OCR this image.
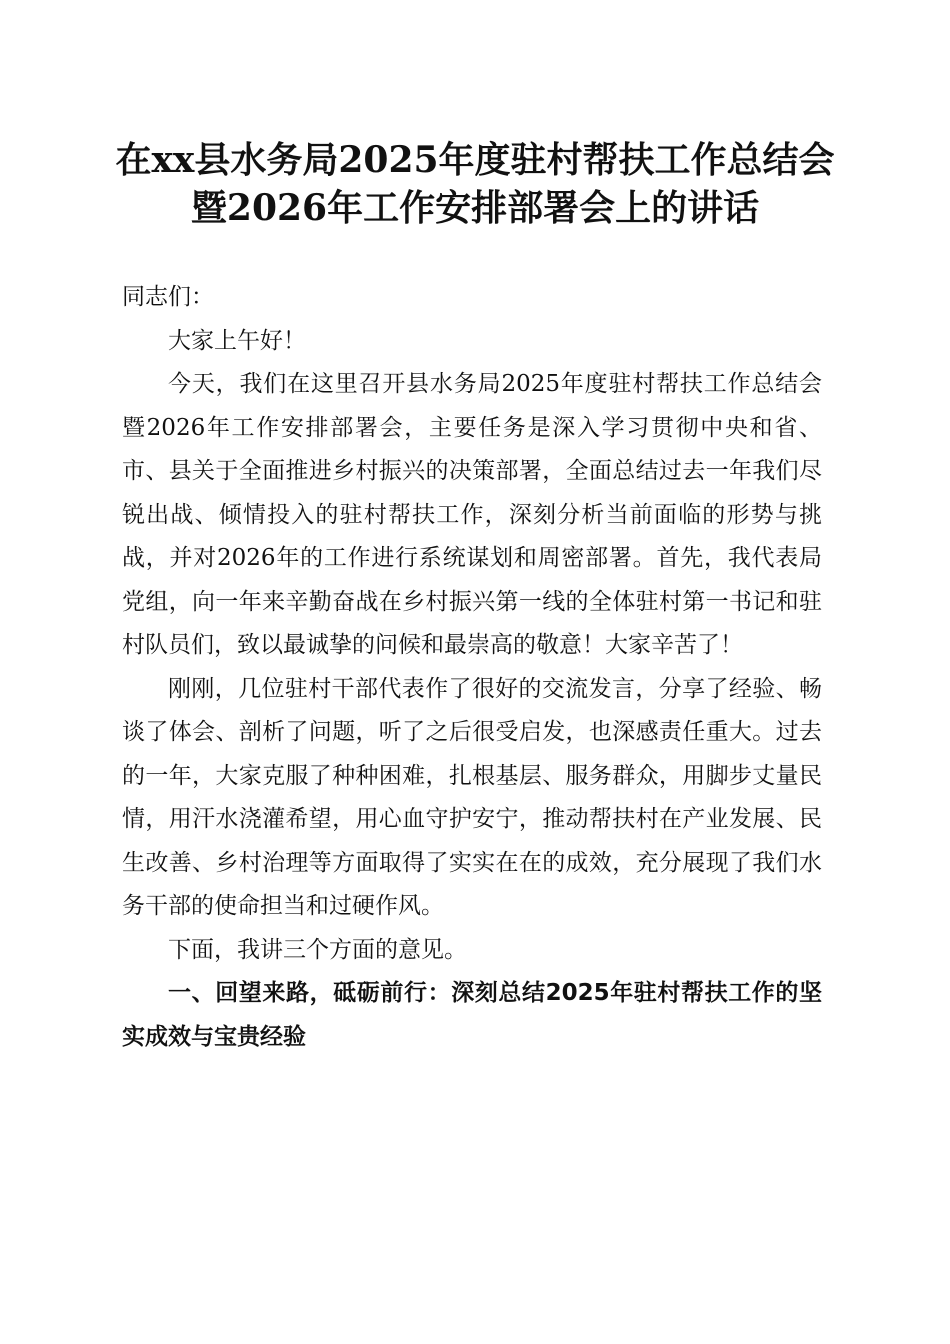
在xx县水务局2025年度驻村帮扶工作总结会
暨2026年工作安排部署会上的讲话

同志们：

大家上午好！

今天，我们在这里召开县水务局2025年度驻村帮扶工作总结会暨2026年工作安排部署会，主要任务是深入学习贯彻中央和省、市、县关于全面推进乡村振兴的决策部署，全面总结过去一年我们尽锐出战、倾情投入的驻村帮扶工作，深刻分析当前面临的形势与挑战，并对2026年的工作进行系统谋划和周密部署。首先，我代表局党组，向一年来辛勤奋战在乡村振兴第一线的全体驻村第一书记和驻村队员们，致以最诚挚的问候和最崇高的敬意！大家辛苦了！

刚刚，几位驻村干部代表作了很好的交流发言，分享了经验、畅谈了体会、剖析了问题，听了之后很受启发，也深感责任重大。过去的一年，大家克服了种种困难，扎根基层、服务群众，用脚步丈量民情，用汗水浇灌希望，用心血守护安宁，推动帮扶村在产业发展、民生改善、乡村治理等方面取得了实实在在的成效，充分展现了我们水务干部的使命担当和过硬作风。

下面，我讲三个方面的意见。

一、回望来路，砥砺前行：深刻总结2025年驻村帮扶工作的坚实成效与宝贵经验
